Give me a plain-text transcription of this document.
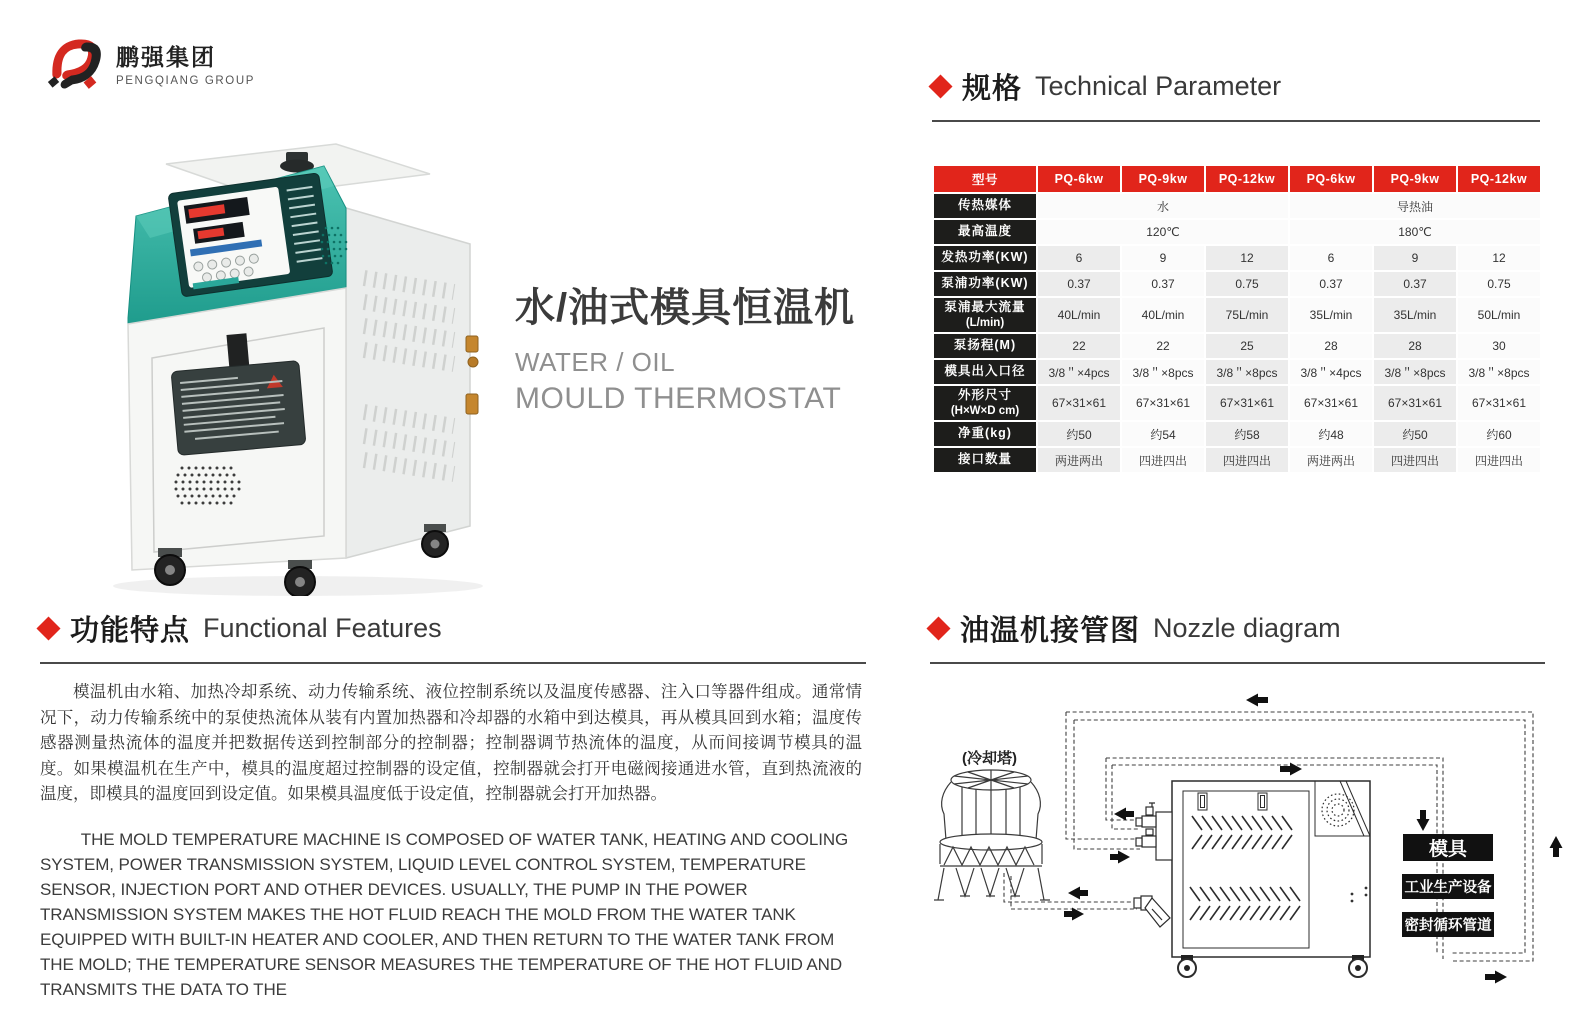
鹏强集团
PENGQIANG GROUP
水/油式模具恒温机
WATER / OIL
MOULD THERMOSTAT
规格 Technical Parameter
型号	PQ-6kw	PQ-9kw	PQ-12kw	PQ-6kw	PQ-9kw	PQ-12kw
传热媒体	水			导热油		
最高温度	120℃			180℃		
发热功率(KW)	6	9	12	6	9	12
泵浦功率(KW)	0.37	0.37	0.75	0.37	0.37	0.75
泵浦最大流量
(L/min)	40L/min	40L/min	75L/min	35L/min	35L/min	50L/min
泵扬程(M)	22	22	25	28	28	30
模具出入口径	3/8＂×4pcs	3/8＂×8pcs	3/8＂×8pcs	3/8＂×4pcs	3/8＂×8pcs	3/8＂×8pcs
外形尺寸
(H×W×D cm)	67×31×61	67×31×61	67×31×61	67×31×61	67×31×61	67×31×61
净重(kg)	约50	约54	约58	约48	约50	约60
接口数量	两进两出	四进四出	四进四出	两进两出	四进四出	四进四出
功能特点 Functional Features

模温机由水箱、加热冷却系统、动力传输系统、液位控制系统以及温度传感器、注入口等器件组成。通常情况下，动力传输系统中的泵使热流体从装有内置加热器和冷却器的水箱中到达模具，再从模具回到水箱；温度传感器测量热流体的温度并把数据传送到控制部分的控制器；控制器调节热流体的温度，从而间接调节模具的温度。如果模温机在生产中，模具的温度超过控制器的设定值，控制器就会打开电磁阀接通进水管，直到热流液的温度，即模具的温度回到设定值。如果模具温度低于设定值，控制器就会打开加热器。

THE MOLD TEMPERATURE MACHINE IS COMPOSED OF WATER TANK, HEATING AND COOLING SYSTEM, POWER TRANSMISSION SYSTEM, LIQUID LEVEL CONTROL SYSTEM, TEMPERATURE SENSOR, INJECTION PORT AND OTHER DEVICES. USUALLY, THE PUMP IN THE POWER TRANSMISSION SYSTEM MAKES THE HOT FLUID REACH THE MOLD FROM THE WATER TANK EQUIPPED WITH BUILT-IN HEATER AND COOLER, AND THEN RETURN TO THE WATER TANK FROM THE MOLD; THE TEMPERATURE SENSOR MEASURES THE TEMPERATURE OF THE HOT FLUID AND TRANSMITS THE DATA TO THE

油温机接管图 Nozzle diagram
(冷却塔)
模具
工业生产设备
密封循环管道
